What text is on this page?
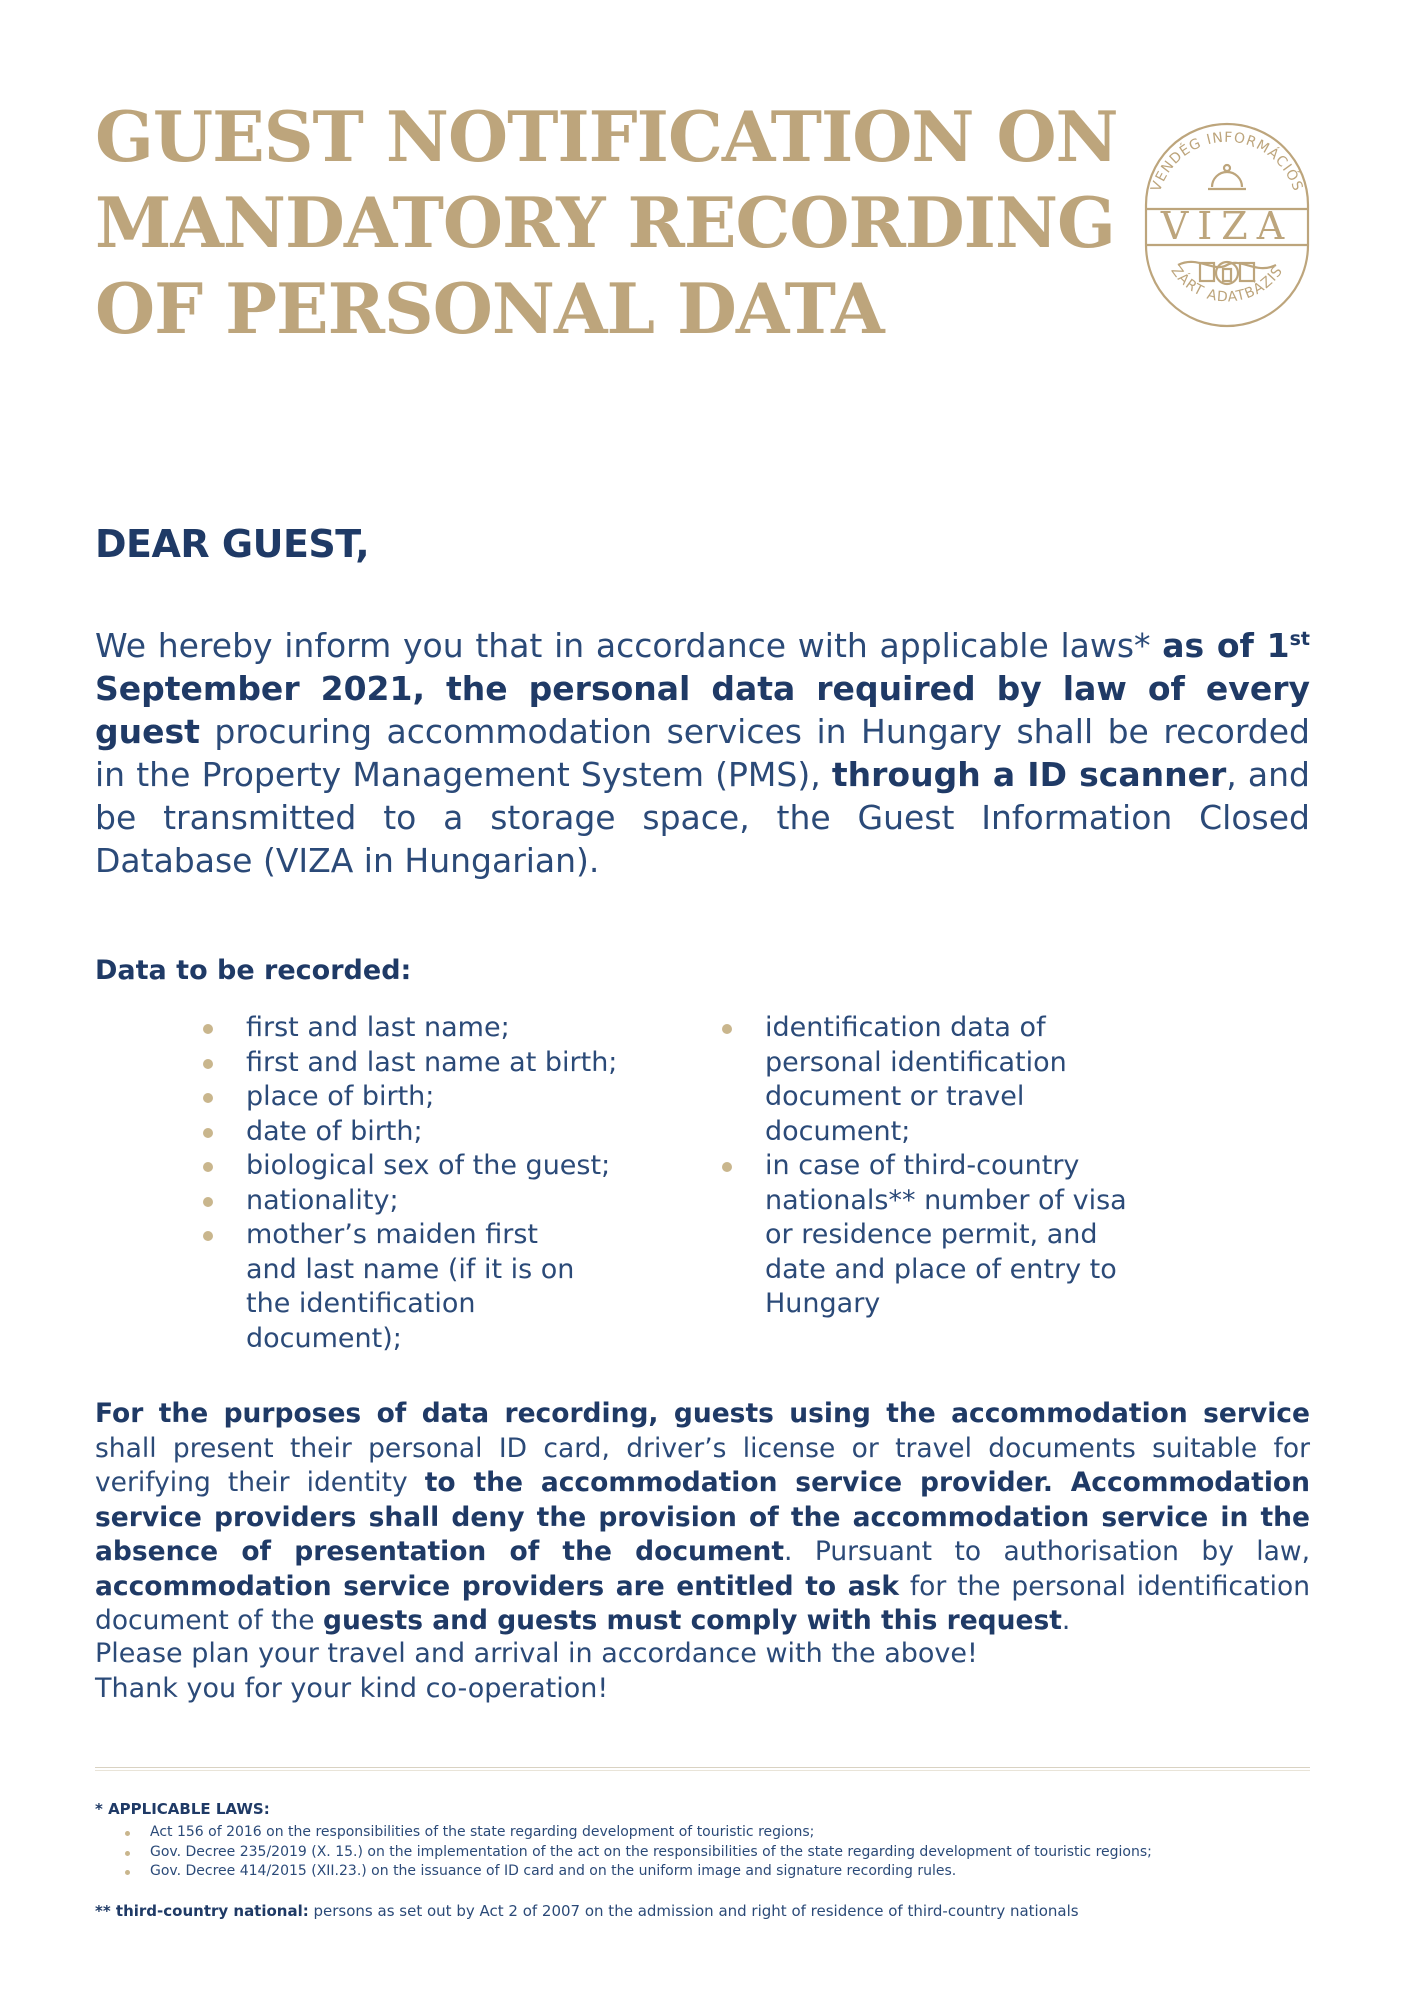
GUEST NOTIFICATION ON
MANDATORY RECORDING
OF PERSONAL DATA
VENDÉG INFORMÁCIÓS
VIZA
ZÁRT ADATBÁZIS
DEAR GUEST,

We hereby inform you that in accordance with applicable laws* as of 1st September 2021, the personal data required by law of every guest procuring accommodation services in Hungary shall be recorded in the Property Management System (PMS), through a ID scanner, and be transmitted to a storage space, the Guest Information Closed Database (VIZA in Hungarian).

Data to be recorded:
first and last name;
first and last name at birth;
place of birth;
date of birth;
biological sex of the guest;
nationality;
mother’s maiden first and last name (if it is on the identification document);
identification data of personal identification document or travel document;
in case of third-country nationals** number of visa or residence permit, and date and place of entry to Hungary

For the purposes of data recording, guests using the accommodation service shall present their personal ID card, driver’s license or travel documents suitable for verifying their identity to the accommodation service provider. Accommodation service providers shall deny the provision of the accommodation service in the absence of presentation of the document. Pursuant to authorisation by law, accommodation service providers are entitled to ask for the personal identification document of the guests and guests must comply with this request.

Please plan your travel and arrival in accordance with the above!
Thank you for your kind co-operation!

* APPLICABLE LAWS:
Act 156 of 2016 on the responsibilities of the state regarding development of touristic regions;
Gov. Decree 235/2019 (X. 15.) on the implementation of the act on the responsibilities of the state regarding development of touristic regions;
Gov. Decree 414/2015 (XII.23.) on the issuance of ID card and on the uniform image and signature recording rules.

** third-country national: persons as set out by Act 2 of 2007 on the admission and right of residence of third-country nationals
